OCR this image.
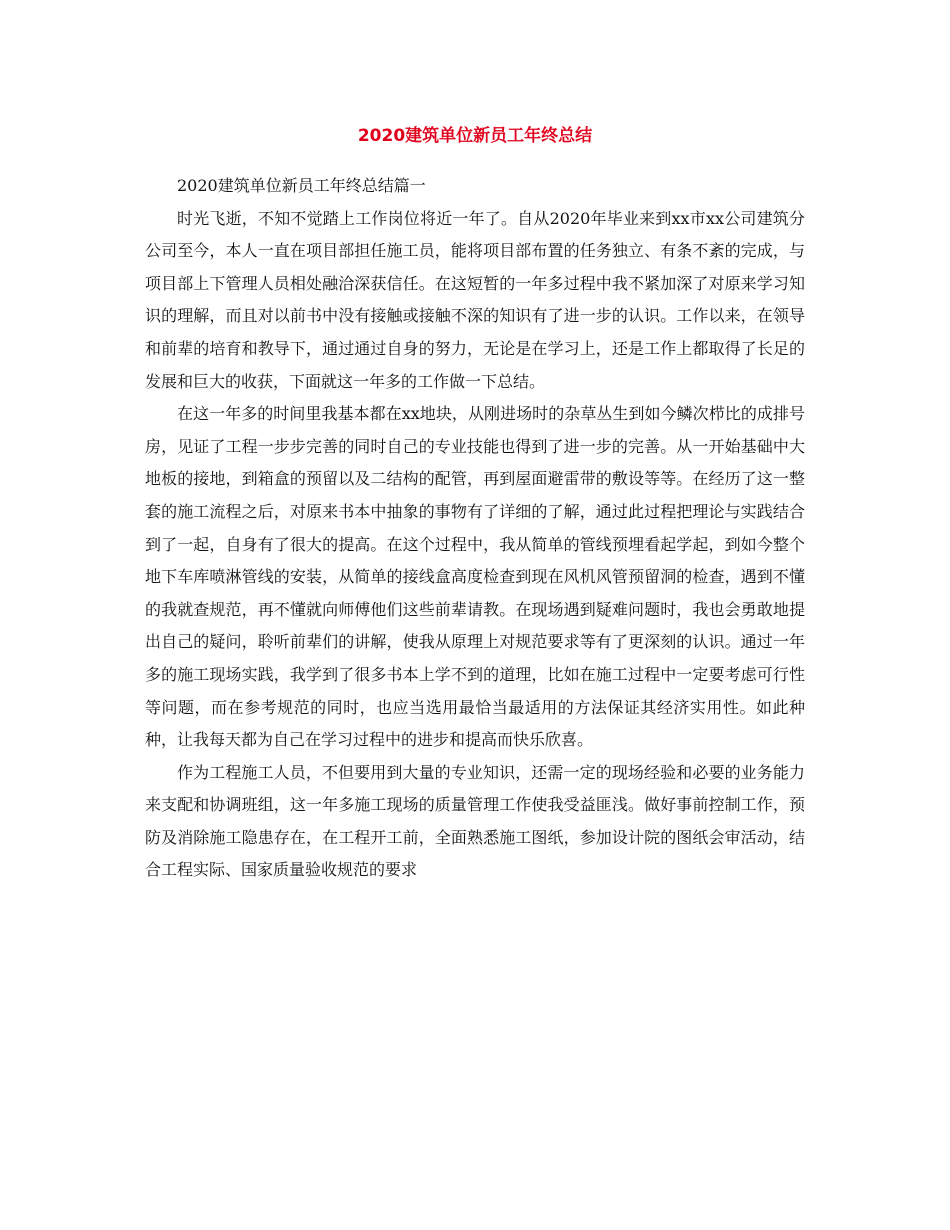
2020建筑单位新员工年终总结

2020建筑单位新员工年终总结篇一

时光飞逝，不知不觉踏上工作岗位将近一年了。自从2020年毕业来到xx市xx公司建筑分公司至今，本人一直在项目部担任施工员，能将项目部布置的任务独立、有条不紊的完成，与项目部上下管理人员相处融洽深获信任。在这短暂的一年多过程中我不紧加深了对原来学习知识的理解，而且对以前书中没有接触或接触不深的知识有了进一步的认识。工作以来，在领导和前辈的培育和教导下，通过通过自身的努力，无论是在学习上，还是工作上都取得了长足的发展和巨大的收获，下面就这一年多的工作做一下总结。

在这一年多的时间里我基本都在xx地块，从刚进场时的杂草丛生到如今鳞次栉比的成排号房，见证了工程一步步完善的同时自己的专业技能也得到了进一步的完善。从一开始基础中大地板的接地，到箱盒的预留以及二结构的配管，再到屋面避雷带的敷设等等。在经历了这一整套的施工流程之后，对原来书本中抽象的事物有了详细的了解，通过此过程把理论与实践结合到了一起，自身有了很大的提高。在这个过程中，我从简单的管线预埋看起学起，到如今整个地下车库喷淋管线的安装，从简单的接线盒高度检查到现在风机风管预留洞的检查，遇到不懂的我就查规范，再不懂就向师傅他们这些前辈请教。在现场遇到疑难问题时，我也会勇敢地提出自己的疑问，聆听前辈们的讲解，使我从原理上对规范要求等有了更深刻的认识。通过一年多的施工现场实践，我学到了很多书本上学不到的道理，比如在施工过程中一定要考虑可行性等问题，而在参考规范的同时，也应当选用最恰当最适用的方法保证其经济实用性。如此种种，让我每天都为自己在学习过程中的进步和提高而快乐欣喜。

作为工程施工人员，不但要用到大量的专业知识，还需一定的现场经验和必要的业务能力来支配和协调班组，这一年多施工现场的质量管理工作使我受益匪浅。做好事前控制工作，预防及消除施工隐患存在，在工程开工前，全面熟悉施工图纸，参加设计院的图纸会审活动，结合工程实际、国家质量验收规范的要求
